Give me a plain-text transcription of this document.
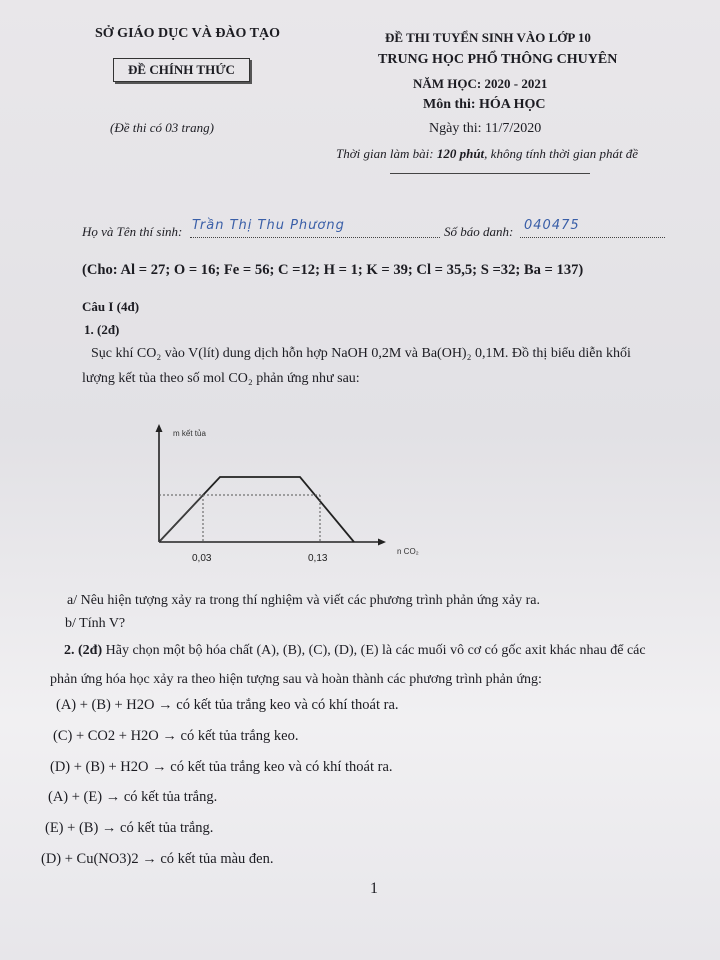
SỞ GIÁO DỤC VÀ ĐÀO TẠO
ĐỀ CHÍNH THỨC
(Đề thi có 03 trang)
ĐỀ THI TUYỂN SINH VÀO LỚP 10
TRUNG HỌC PHỔ THÔNG CHUYÊN
NĂM HỌC: 2020 - 2021
Môn thi: HÓA HỌC
Ngày thi: 11/7/2020
Thời gian làm bài: 120 phút, không tính thời gian phát đề
Họ và Tên thí sinh: Trần Thị Thu Phương	Số báo danh: 040475
(Cho: Al = 27; O = 16; Fe = 56; C =12; H = 1; K = 39; Cl = 35,5; S =32; Ba = 137)
Câu I (4đ)
1. (2đ)
Sục khí CO₂ vào V(lít) dung dịch hỗn hợp NaOH 0,2M và Ba(OH)₂ 0,1M. Đồ thị biểu diễn khối
lượng kết tủa theo số mol CO₂ phản ứng như sau:
m kết tủa
n CO₂
0,03	0,13
a/ Nêu hiện tượng xảy ra trong thí nghiệm và viết các phương trình phản ứng xảy ra.
b/ Tính V?
2. (2đ) Hãy chọn một bộ hóa chất (A), (B), (C), (D), (E) là các muối vô cơ có gốc axit khác nhau để các
phản ứng hóa học xảy ra theo hiện tượng sau và hoàn thành các phương trình phản ứng:
(A) + (B) + H2O → có kết tủa trắng keo và có khí thoát ra.
(C) + CO2 + H2O → có kết tủa trắng keo.
(D) + (B) + H2O → có kết tủa trắng keo và có khí thoát ra.
(A) + (E) → có kết tủa trắng.
(E) + (B) → có kết tủa trắng.
(D) + Cu(NO3)2 → có kết tủa màu đen.
1
